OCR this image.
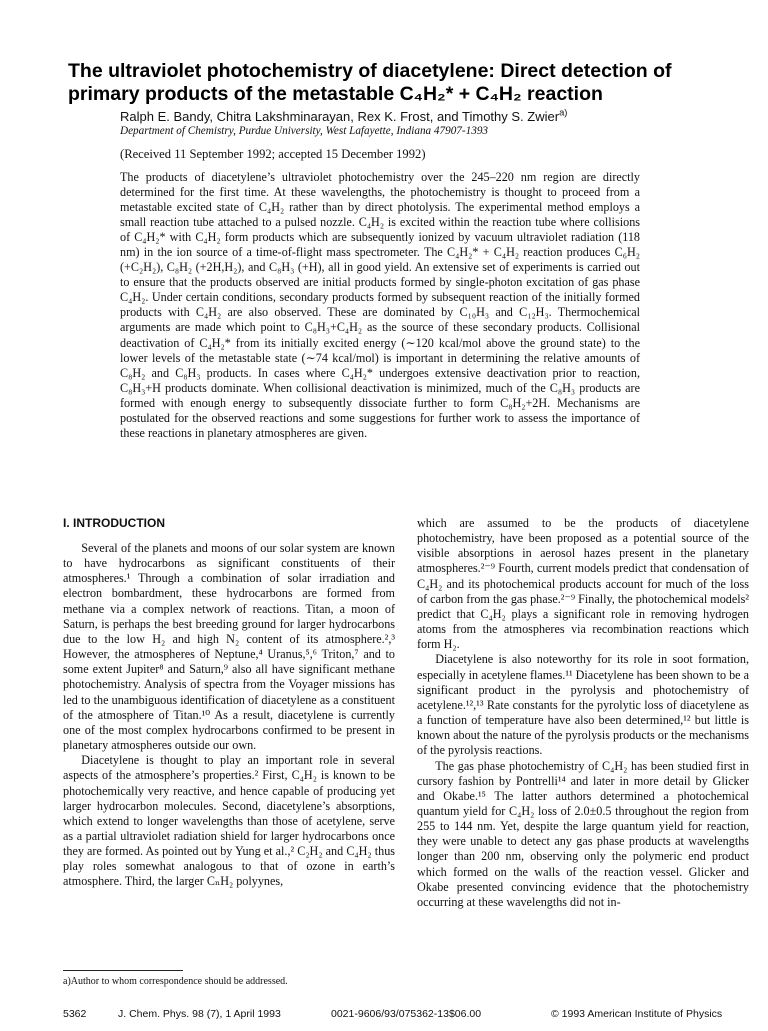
The ultraviolet photochemistry of diacetylene: Direct detection of primary products of the metastable C₄H₂* + C₄H₂ reaction
Ralph E. Bandy, Chitra Lakshminarayan, Rex K. Frost, and Timothy S. Zwier$^{a)}$
Department of Chemistry, Purdue University, West Lafayette, Indiana 47907-1393
(Received 11 September 1992; accepted 15 December 1992)
The products of diacetylene’s ultraviolet photochemistry over the 245–220 nm region are directly determined for the first time. At these wavelengths, the photochemistry is thought to proceed from a metastable excited state of C₄H₂ rather than by direct photolysis. The experimental method employs a small reaction tube attached to a pulsed nozzle. C₄H₂ is excited within the reaction tube where collisions of C₄H₂* with C₄H₂ form products which are subsequently ionized by vacuum ultraviolet radiation (118 nm) in the ion source of a time-of-flight mass spectrometer. The C₄H₂* + C₄H₂ reaction produces C₆H₂ (+C₂H₂), C₈H₂ (+2H,H₂), and C₈H₃ (+H), all in good yield. An extensive set of experiments is carried out to ensure that the products observed are initial products formed by single-photon excitation of gas phase C₄H₂. Under certain conditions, secondary products formed by subsequent reaction of the initially formed products with C₄H₂ are also observed. These are dominated by C₁₀H₃ and C₁₂H₃. Thermochemical arguments are made which point to C₈H₃+C₄H₂ as the source of these secondary products. Collisional deactivation of C₄H₂* from its initially excited energy (∼120 kcal/mol above the ground state) to the lower levels of the metastable state (∼74 kcal/mol) is important in determining the relative amounts of C₈H₂ and C₈H₃ products. In cases where C₄H₂* undergoes extensive deactivation prior to reaction, C₈H₃+H products dominate. When collisional deactivation is minimized, much of the C₈H₃ products are formed with enough energy to subsequently dissociate further to form C₈H₂+2H. Mechanisms are postulated for the observed reactions and some suggestions for further work to assess the importance of these reactions in planetary atmospheres are given.
I. INTRODUCTION

Several of the planets and moons of our solar system are known to have hydrocarbons as significant constituents of their atmospheres.¹ Through a combination of solar irradiation and electron bombardment, these hydrocarbons are formed from methane via a complex network of reactions. Titan, a moon of Saturn, is perhaps the best breeding ground for larger hydrocarbons due to the low H₂ and high N₂ content of its atmosphere.²,³ However, the atmospheres of Neptune,⁴ Uranus,⁵,⁶ Triton,⁷ and to some extent Jupiter⁸ and Saturn,⁹ also all have significant methane photochemistry. Analysis of spectra from the Voyager missions has led to the unambiguous identification of diacetylene as a constituent of the atmosphere of Titan.¹⁰ As a result, diacetylene is currently one of the most complex hydrocarbons confirmed to be present in planetary atmospheres outside our own.

Diacetylene is thought to play an important role in several aspects of the atmosphere’s properties.² First, C₄H₂ is known to be photochemically very reactive, and hence capable of producing yet larger hydrocarbon molecules. Second, diacetylene’s absorptions, which extend to longer wavelengths than those of acetylene, serve as a partial ultraviolet radiation shield for larger hydrocarbons once they are formed. As pointed out by Yung et al.,² C₂H₂ and C₄H₂ thus play roles somewhat analogous to that of ozone in earth’s atmosphere. Third, the larger CₙH₂ polyynes,

which are assumed to be the products of diacetylene photochemistry, have been proposed as a potential source of the visible absorptions in aerosol hazes present in the planetary atmospheres.²⁻⁹ Fourth, current models predict that condensation of C₄H₂ and its photochemical products account for much of the loss of carbon from the gas phase.²⁻⁹ Finally, the photochemical models² predict that C₄H₂ plays a significant role in removing hydrogen atoms from the atmospheres via recombination reactions which form H₂.

Diacetylene is also noteworthy for its role in soot formation, especially in acetylene flames.¹¹ Diacetylene has been shown to be a significant product in the pyrolysis and photochemistry of acetylene.¹²,¹³ Rate constants for the pyrolytic loss of diacetylene as a function of temperature have also been determined,¹² but little is known about the nature of the pyrolysis products or the mechanisms of the pyrolysis reactions.

The gas phase photochemistry of C₄H₂ has been studied first in cursory fashion by Pontrelli¹⁴ and later in more detail by Glicker and Okabe.¹⁵ The latter authors determined a photochemical quantum yield for C₄H₂ loss of 2.0±0.5 throughout the region from 255 to 144 nm. Yet, despite the large quantum yield for reaction, they were unable to detect any gas phase products at wavelengths longer than 200 nm, observing only the polymeric end product which formed on the walls of the reaction vessel. Glicker and Okabe presented convincing evidence that the photochemistry occurring at these wavelengths did not in-

a)Author to whom correspondence should be addressed.
5362	J. Chem. Phys. 98 (7), 1 April 1993	0021-9606/93/075362-13$06.00	© 1993 American Institute of Physics
